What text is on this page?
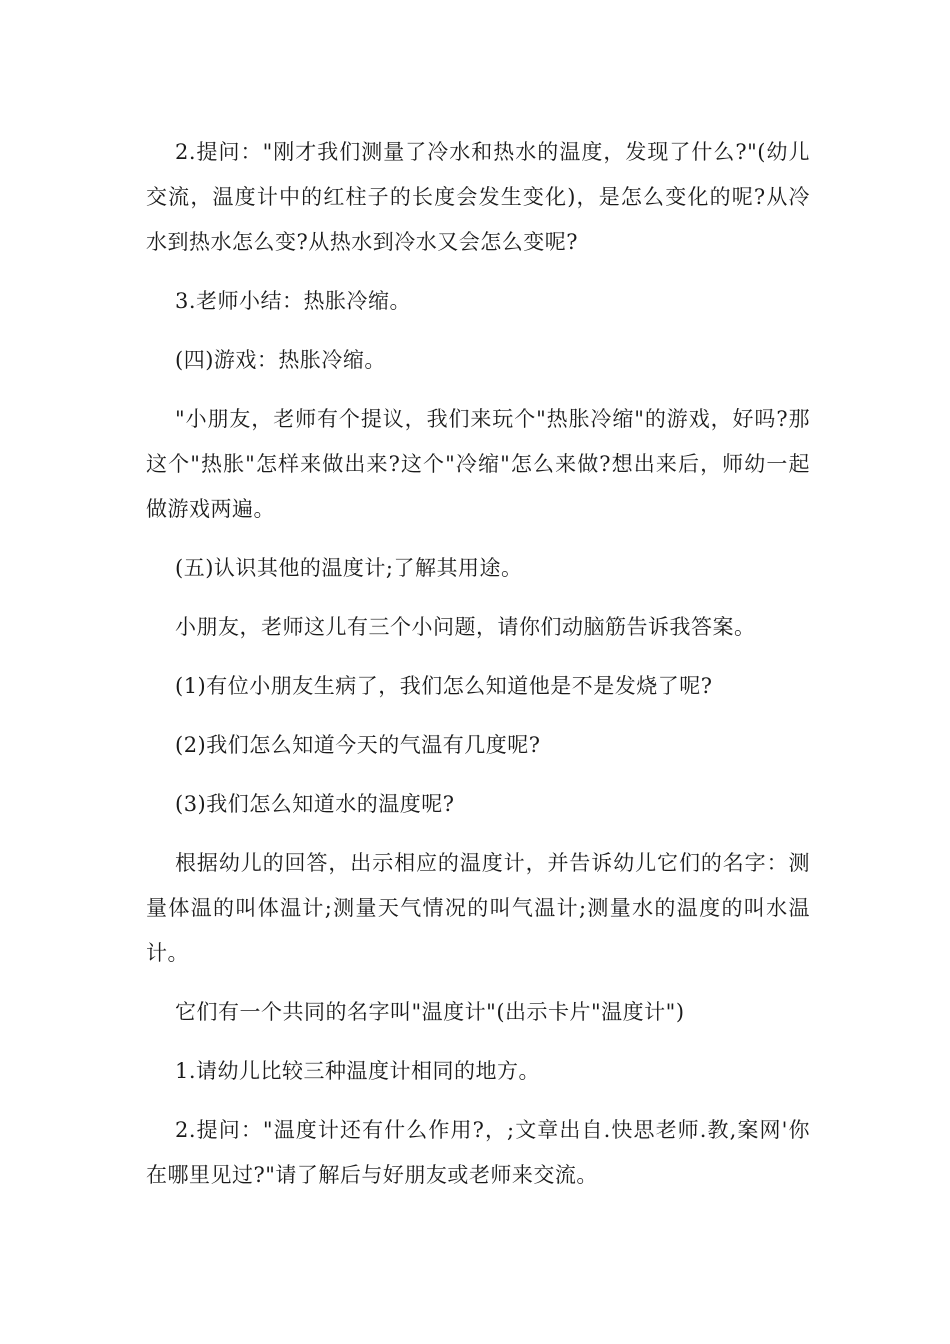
2.提问："刚才我们测量了冷水和热水的温度，发现了什么?"(幼儿交流，温度计中的红柱子的长度会发生变化)，是怎么变化的呢?从冷水到热水怎么变?从热水到冷水又会怎么变呢?

3.老师小结：热胀冷缩。

(四)游戏：热胀冷缩。

"小朋友，老师有个提议，我们来玩个"热胀冷缩"的游戏，好吗?那这个"热胀"怎样来做出来?这个"冷缩"怎么来做?想出来后，师幼一起做游戏两遍。

(五)认识其他的温度计;了解其用途。

小朋友，老师这儿有三个小问题，请你们动脑筋告诉我答案。

(1)有位小朋友生病了，我们怎么知道他是不是发烧了呢?

(2)我们怎么知道今天的气温有几度呢?

(3)我们怎么知道水的温度呢?

根据幼儿的回答，出示相应的温度计，并告诉幼儿它们的名字：测量体温的叫体温计;测量天气情况的叫气温计;测量水的温度的叫水温计。

它们有一个共同的名字叫"温度计"(出示卡片"温度计")

1.请幼儿比较三种温度计相同的地方。

2.提问："温度计还有什么作用?，;文章出自.快思老师.教,案网'你在哪里见过?"请了解后与好朋友或老师来交流。
